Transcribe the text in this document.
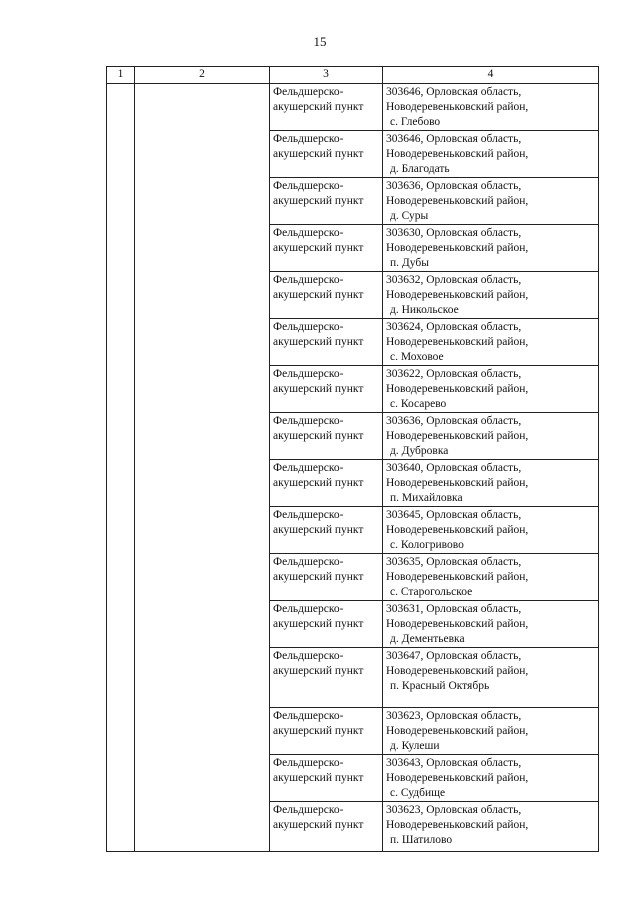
15
1	2	3	4

		Фельдшерско-
акушерский пункт	303646, Орловская область,
Новодеревеньковский район,
с. Глебово

		Фельдшерско-
акушерский пункт	303646, Орловская область,
Новодеревеньковский район,
д. Благодать

		Фельдшерско-
акушерский пункт	303636, Орловская область,
Новодеревеньковский район,
д. Суры

		Фельдшерско-
акушерский пункт	303630, Орловская область,
Новодеревеньковский район,
п. Дубы

		Фельдшерско-
акушерский пункт	303632, Орловская область,
Новодеревеньковский район,
д. Никольское

		Фельдшерско-
акушерский пункт	303624, Орловская область,
Новодеревеньковский район,
с. Моховое

		Фельдшерско-
акушерский пункт	303622, Орловская область,
Новодеревеньковский район,
с. Косарево

		Фельдшерско-
акушерский пункт	303636, Орловская область,
Новодеревеньковский район,
д. Дубровка

		Фельдшерско-
акушерский пункт	303640, Орловская область,
Новодеревеньковский район,
п. Михайловка

		Фельдшерско-
акушерский пункт	303645, Орловская область,
Новодеревеньковский район,
с. Кологривово

		Фельдшерско-
акушерский пункт	303635, Орловская область,
Новодеревеньковский район,
с. Старогольское

		Фельдшерско-
акушерский пункт	303631, Орловская область,
Новодеревеньковский район,
д. Дементьевка

		Фельдшерско-
акушерский пункт	303647, Орловская область,
Новодеревеньковский район,
п. Красный Октябрь

		Фельдшерско-
акушерский пункт	303623, Орловская область,
Новодеревеньковский район,
д. Кулеши

		Фельдшерско-
акушерский пункт	303643, Орловская область,
Новодеревеньковский район,
с. Судбище

		Фельдшерско-
акушерский пункт	303623, Орловская область,
Новодеревеньковский район,
п. Шатилово
